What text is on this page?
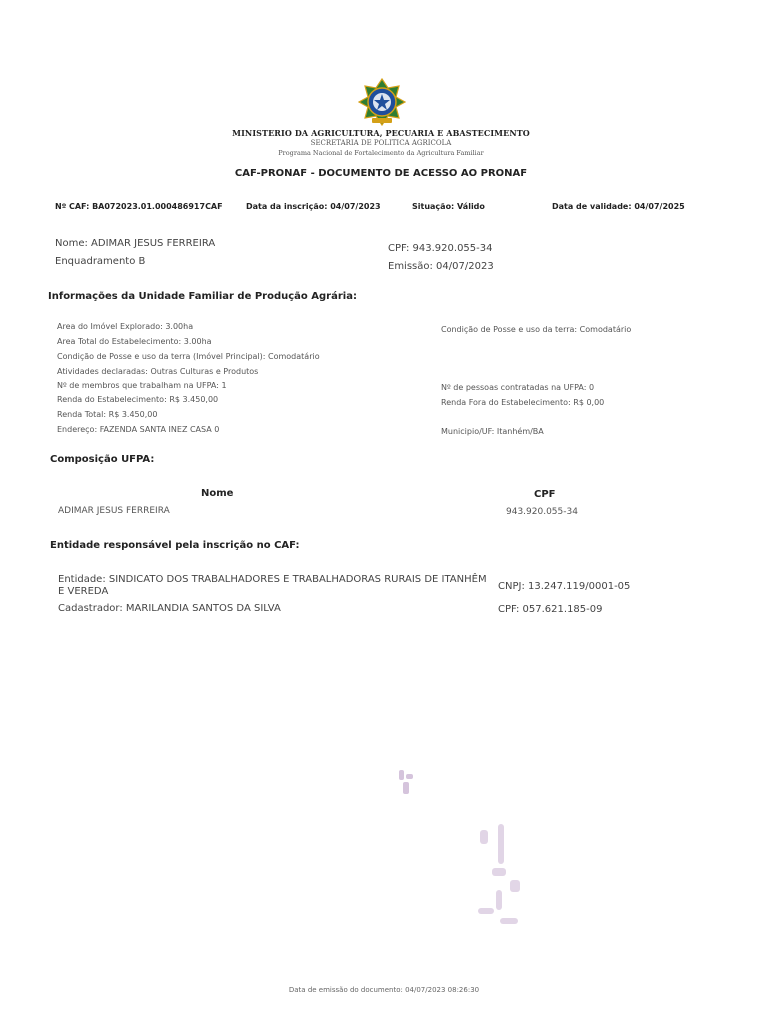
MINISTERIO DA AGRICULTURA, PECUARIA E ABASTECIMENTO
SECRETARIA DE POLITICA AGRICOLA
Programa Nacional de Fortalecimento da Agricultura Familiar
CAF-PRONAF - DOCUMENTO DE ACESSO AO PRONAF
Nº CAF: BA072023.01.000486917CAF	Data da inscrição: 04/07/2023	Situação: Válido	Data de validade: 04/07/2025
Nome: ADIMAR JESUS FERREIRA
Enquadramento B
CPF: 943.920.055-34
Emissão: 04/07/2023
Informações da Unidade Familiar de Produção Agrária:
Area do Imóvel Explorado: 3.00ha
Area Total do Estabelecimento: 3.00ha
Condição de Posse e uso da terra (Imóvel Principal): Comodatário
Atividades declaradas: Outras Culturas e Produtos
Nº de membros que trabalham na UFPA: 1
Renda do Estabelecimento: R$ 3.450,00
Renda Total: R$ 3.450,00
Endereço: FAZENDA SANTA INEZ CASA 0
Condição de Posse e uso da terra: Comodatário
Nº de pessoas contratadas na UFPA: 0
Renda Fora do Estabelecimento: R$ 0,00
Municipio/UF: Itanhém/BA
Composição UFPA:
Nome	CPF
ADIMAR JESUS FERREIRA	943.920.055-34
Entidade responsável pela inscrição no CAF:
Entidade: SINDICATO DOS TRABALHADORES E TRABALHADORAS RURAIS DE ITANHÊM E VEREDA	CNPJ: 13.247.119/0001-05
Cadastrador: MARILANDIA SANTOS DA SILVA	CPF: 057.621.185-09
Data de emissão do documento: 04/07/2023 08:26:30
